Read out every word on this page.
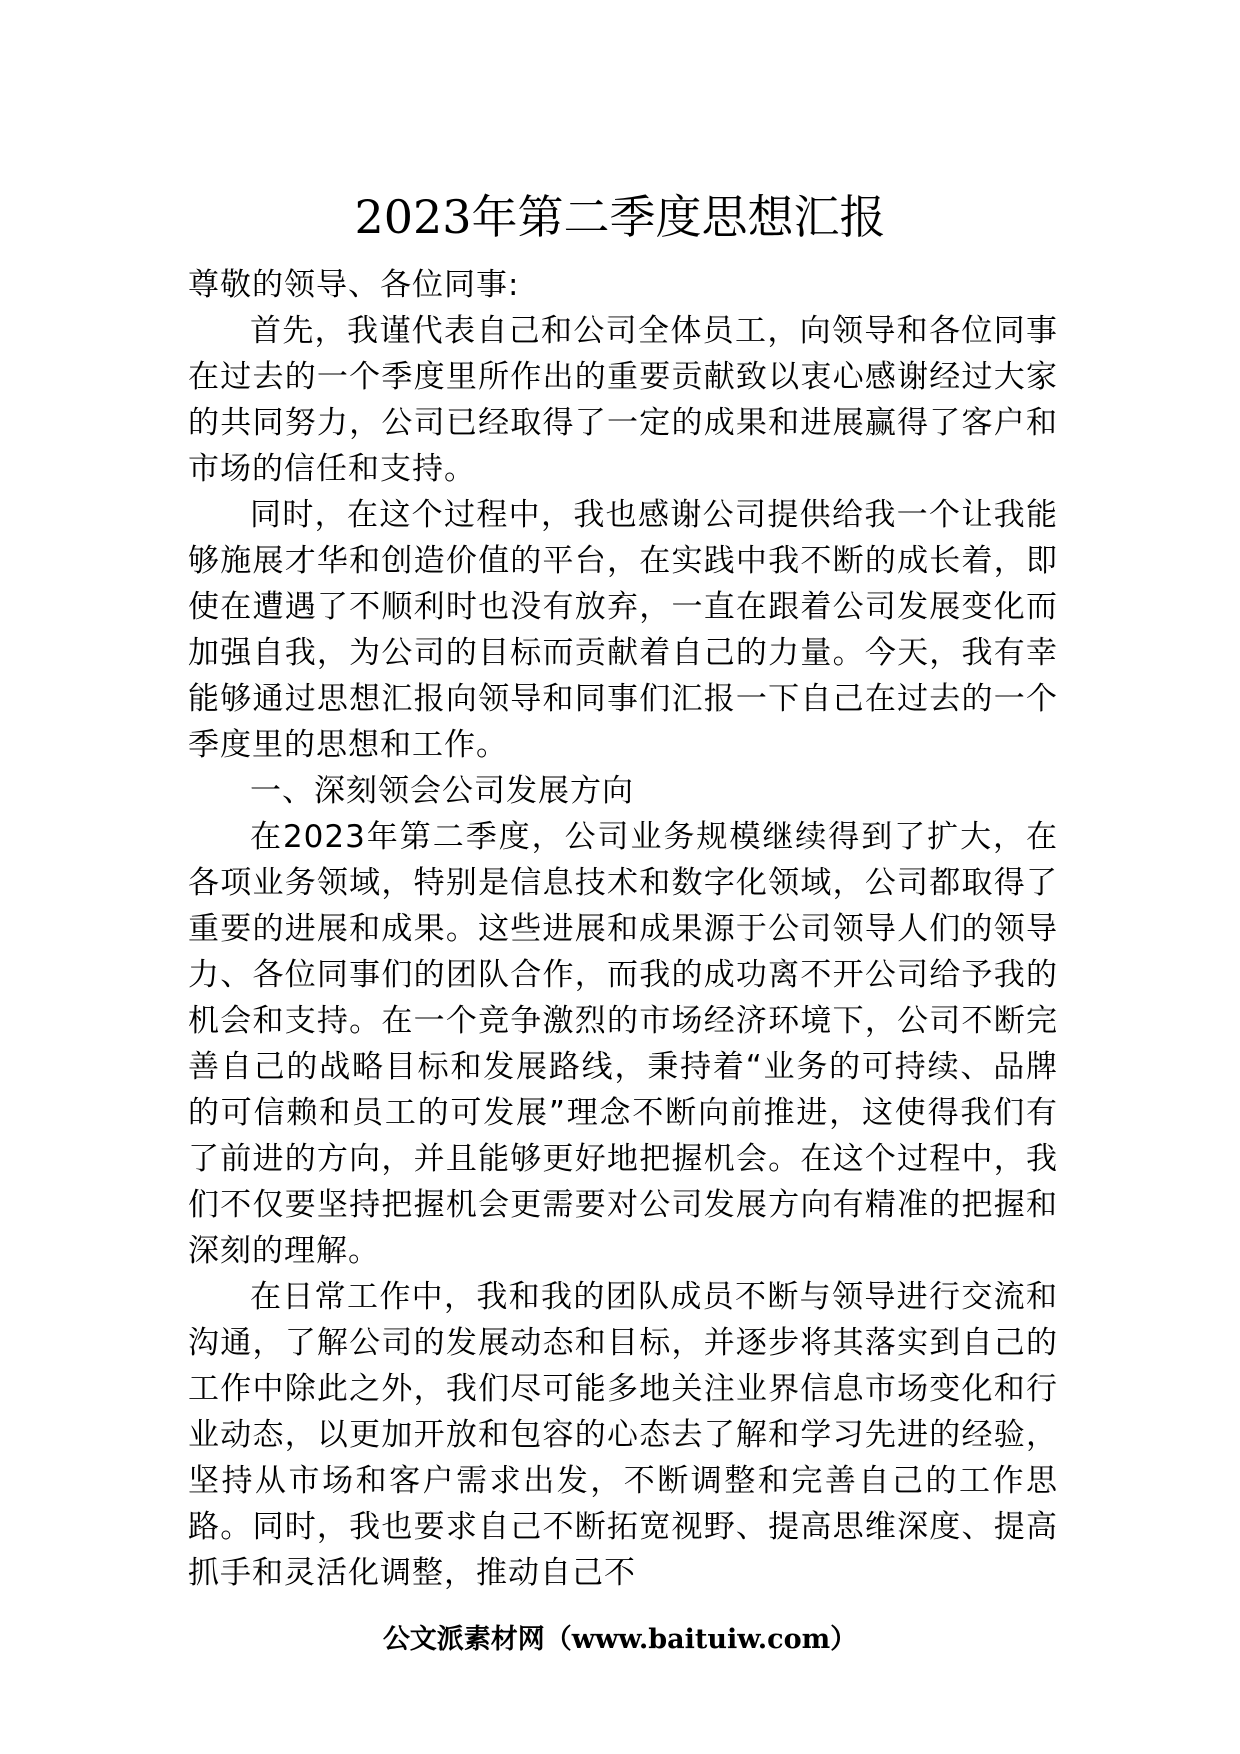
2023年第二季度思想汇报

尊敬的领导、各位同事:

首先，我谨代表自己和公司全体员工，向领导和各位同事在过去的一个季度里所作出的重要贡献致以衷心感谢经过大家的共同努力，公司已经取得了一定的成果和进展赢得了客户和市场的信任和支持。

同时，在这个过程中，我也感谢公司提供给我一个让我能够施展才华和创造价值的平台，在实践中我不断的成长着，即使在遭遇了不顺利时也没有放弃，一直在跟着公司发展变化而加强自我，为公司的目标而贡献着自己的力量。今天，我有幸能够通过思想汇报向领导和同事们汇报一下自己在过去的一个季度里的思想和工作。

一、深刻领会公司发展方向

在2023年第二季度，公司业务规模继续得到了扩大，在各项业务领域，特别是信息技术和数字化领域，公司都取得了重要的进展和成果。这些进展和成果源于公司领导人们的领导力、各位同事们的团队合作，而我的成功离不开公司给予我的机会和支持。在一个竞争激烈的市场经济环境下，公司不断完善自己的战略目标和发展路线，秉持着“业务的可持续、品牌的可信赖和员工的可发展”理念不断向前推进，这使得我们有了前进的方向，并且能够更好地把握机会。在这个过程中，我们不仅要坚持把握机会更需要对公司发展方向有精准的把握和深刻的理解。

在日常工作中，我和我的团队成员不断与领导进行交流和沟通，了解公司的发展动态和目标，并逐步将其落实到自己的工作中除此之外，我们尽可能多地关注业界信息市场变化和行业动态，以更加开放和包容的心态去了解和学习先进的经验，坚持从市场和客户需求出发，不断调整和完善自己的工作思路。同时，我也要求自己不断拓宽视野、提高思维深度、提高抓手和灵活化调整，推动自己不

公文派素材网（www.baituiw.com）
